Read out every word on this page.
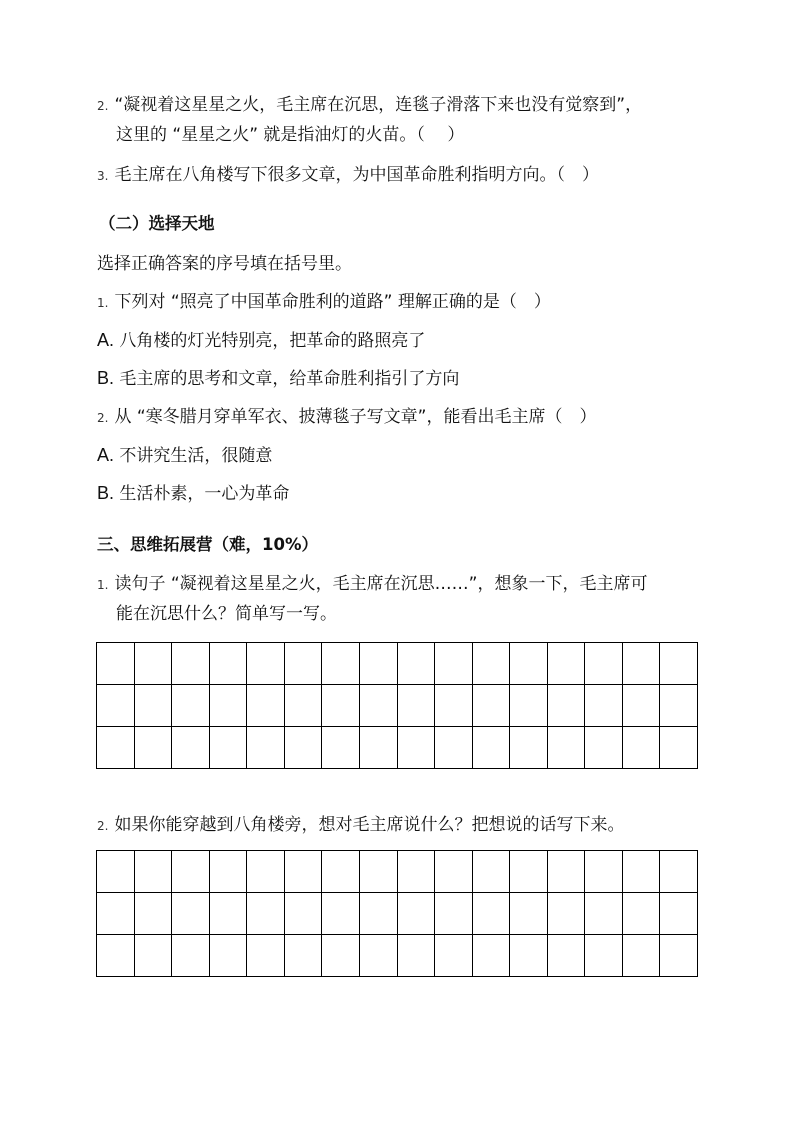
2. “凝视着这星星之火，毛主席在沉思，连毯子滑落下来也没有觉察到”，
这里的 “星星之火” 就是指油灯的火苗。（　 ）
3. 毛主席在八角楼写下很多文章，为中国革命胜利指明方向。（　）
（二）选择天地
选择正确答案的序号填在括号里。
1. 下列对 “照亮了中国革命胜利的道路” 理解正确的是（　）
A. 八角楼的灯光特别亮，把革命的路照亮了
B. 毛主席的思考和文章，给革命胜利指引了方向
2. 从 “寒冬腊月穿单军衣、披薄毯子写文章”，能看出毛主席（　）
A. 不讲究生活，很随意
B. 生活朴素，一心为革命
三、思维拓展营（难，10%）
1. 读句子 “凝视着这星星之火，毛主席在沉思……”，想象一下，毛主席可
能在沉思什么？简单写一写。

2. 如果你能穿越到八角楼旁，想对毛主席说什么？把想说的话写下来。
